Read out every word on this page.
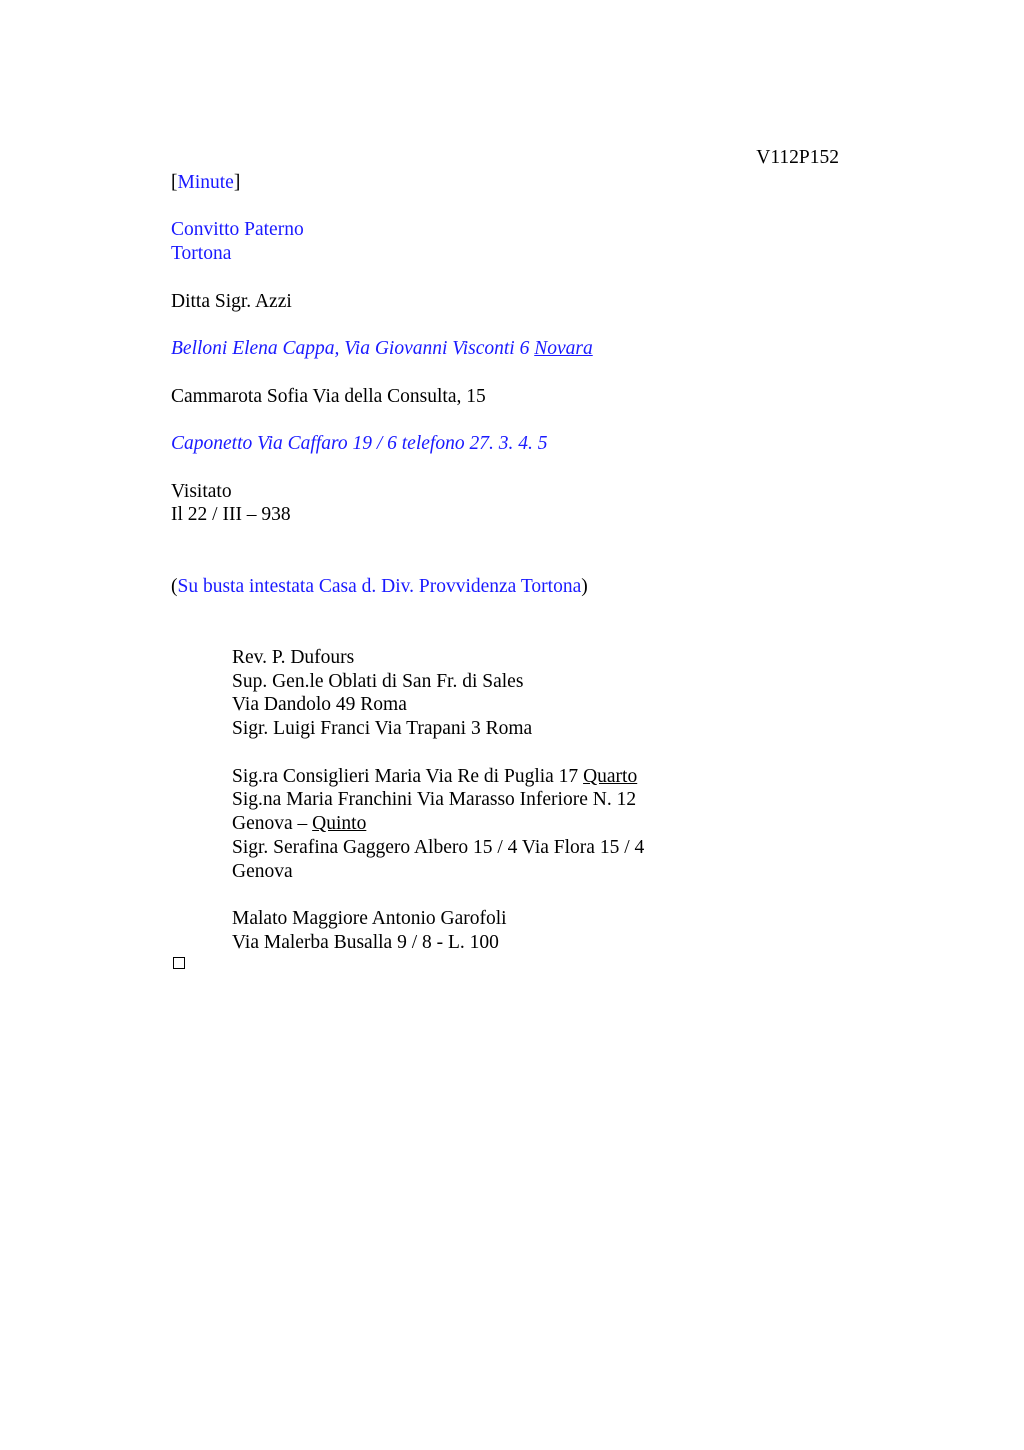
V112P152
[Minute]
Convitto Paterno
Tortona
Ditta Sigr. Azzi
Belloni Elena Cappa, Via Giovanni Visconti 6 Novara
Cammarota Sofia Via della Consulta, 15
Caponetto Via Caffaro 19 / 6 telefono 27. 3. 4. 5
Visitato
Il 22 / III – 938
(Su busta intestata Casa d. Div. Provvidenza Tortona)
Rev. P. Dufours
Sup. Gen.le Oblati di San Fr. di Sales
Via Dandolo 49 Roma
Sigr. Luigi Franci Via Trapani 3 Roma
Sig.ra Consiglieri Maria Via Re di Puglia 17 Quarto
Sig.na Maria Franchini Via Marasso Inferiore N. 12
Genova – Quinto
Sigr. Serafina Gaggero Albero 15 / 4 Via Flora 15 / 4
Genova
Malato Maggiore Antonio Garofoli
Via Malerba Busalla 9 / 8 - L. 100
